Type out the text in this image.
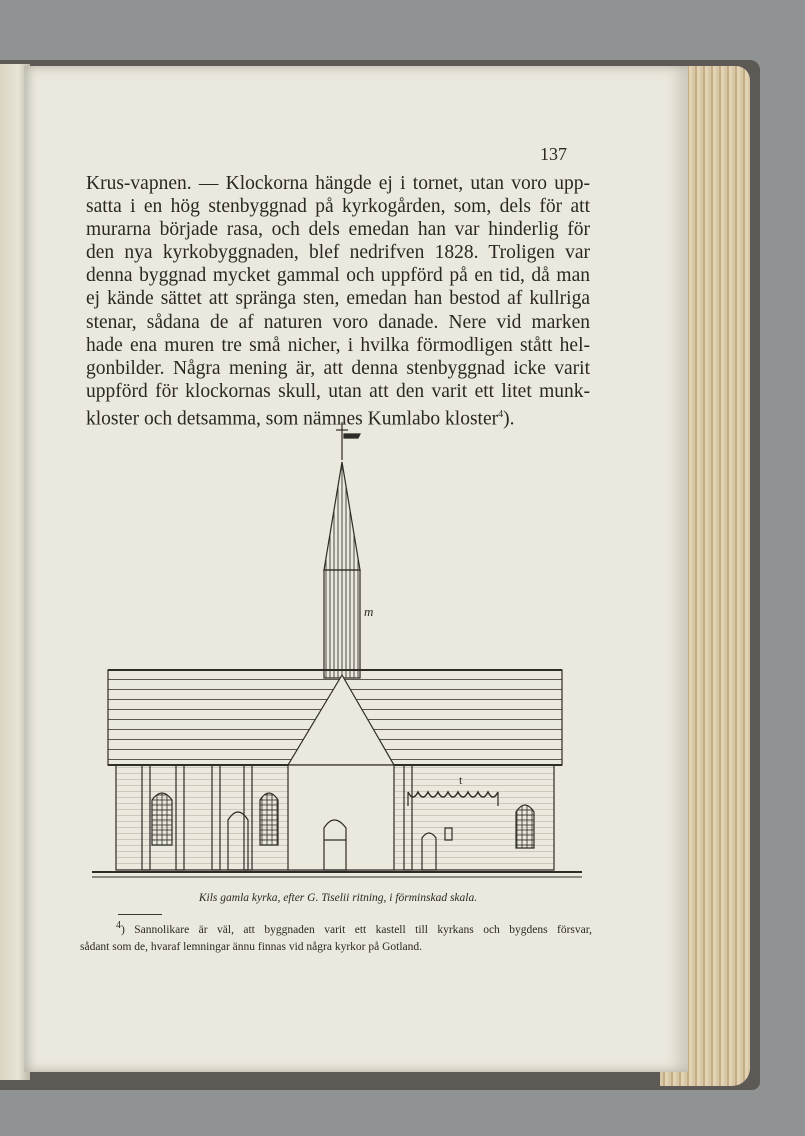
137

Krus-vapnen. — Klockorna hängde ej i tornet, utan voro upp-
satta i en hög stenbyggnad på kyrkogården, som, dels för att
murarna började rasa, och dels emedan han var hinderlig för
den nya kyrkobyggnaden, blef nedrifven 1828. Troligen var
denna byggnad mycket gammal och uppförd på en tid, då man
ej kände sättet att spränga sten, emedan han bestod af kullriga
stenar, sådana de af naturen voro danade. Nere vid marken
hade ena muren tre små nicher, i hvilka förmodligen stått hel-
gonbilder. Några mening är, att denna stenbyggnad icke varit
uppförd för klockornas skull, utan att den varit ett litet munk-
kloster och detsamma, som nämnes Kumlabo kloster$^4$).

m
t
Kils gamla kyrka, efter G. Tiselii ritning, i förminskad skala.

$^4$) Sannolikare är väl, att byggnaden varit ett kastell till kyrkans och bygdens försvar,
sådant som de, hvaraf lemningar ännu finnas vid några kyrkor på Gotland.
